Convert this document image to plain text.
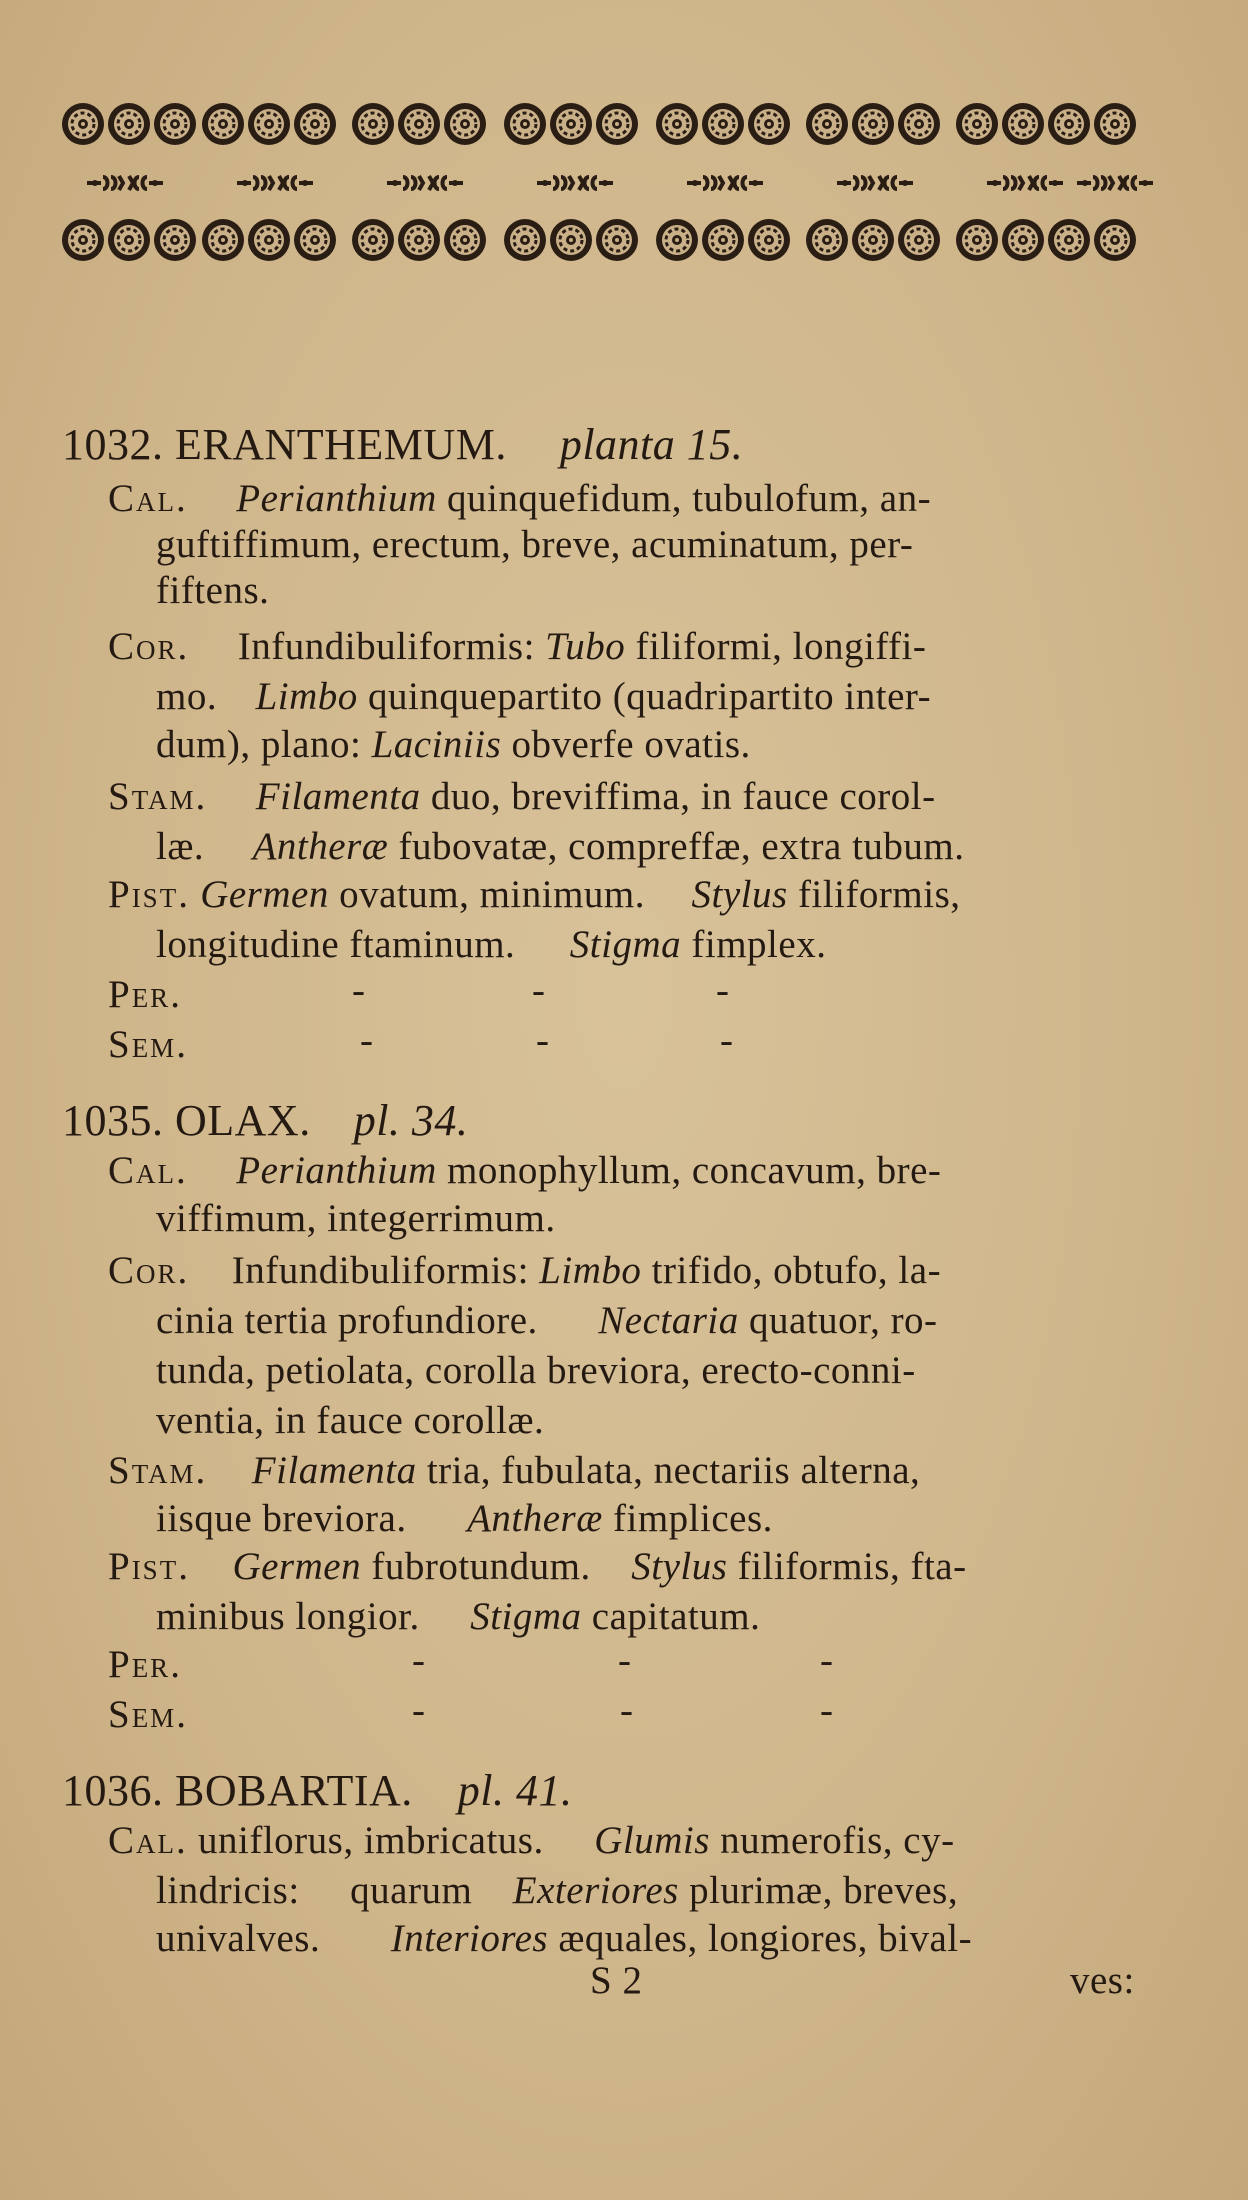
1032. ERANTHEMUM. planta 15.
Cal. Perianthium quinquefidum, tubulofum, an-
guftiffimum, erectum, breve, acuminatum, per-
fiftens.
Cor. Infundibuliformis: Tubo filiformi, longiffi-
mo. Limbo quinquepartito (quadripartito inter-
dum), plano: Laciniis obverfe ovatis.
Stam. Filamenta duo, breviffima, in fauce corol-
læ. Antheræ fubovatæ, compreffæ, extra tubum.
Pist. Germen ovatum, minimum. Stylus filiformis,
longitudine ftaminum. Stigma fimplex.
Per.	-	-	-
Sem.	-	-	-
1035. OLAX. pl. 34.
Cal. Perianthium monophyllum, concavum, bre-
viffimum, integerrimum.
Cor. Infundibuliformis: Limbo trifido, obtufo, la-
cinia tertia profundiore. Nectaria quatuor, ro-
tunda, petiolata, corolla breviora, erecto-conni-
ventia, in fauce corollæ.
Stam. Filamenta tria, fubulata, nectariis alterna,
iisque breviora. Antheræ fimplices.
Pist. Germen fubrotundum. Stylus filiformis, fta-
minibus longior. Stigma capitatum.
Per.	-	-	-
Sem.	-	-	-
1036. BOBARTIA. pl. 41.
Cal. uniflorus, imbricatus. Glumis numerofis, cy-
lindricis: quarum Exteriores plurimæ, breves,
univalves. Interiores æquales, longiores, bival-
S 2	ves:
